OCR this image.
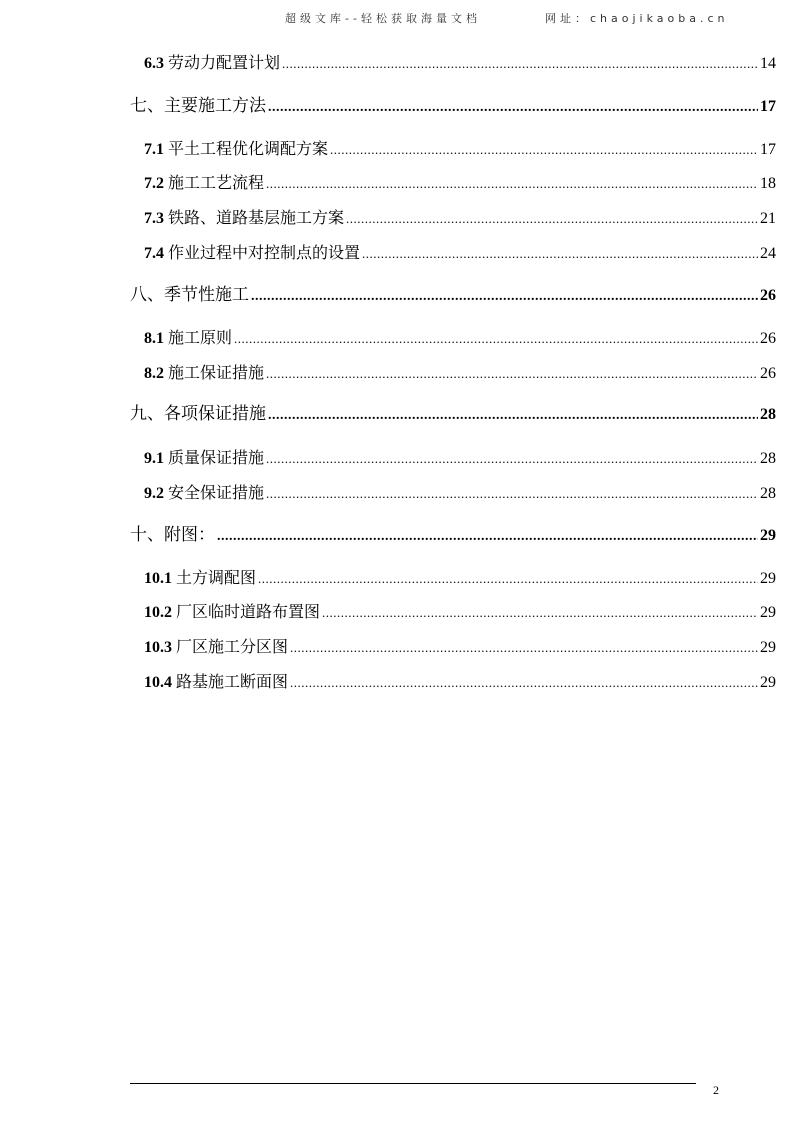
超级文库--轻松获取海量文档	网址：chaojikaoba.cn
6.3 劳动力配置计划 .....	14
七、主要施工方法 .....	17
7.1 平土工程优化调配方案 .....	17
7.2 施工工艺流程 .....	18
7.3 铁路、道路基层施工方案 .....	21
7.4 作业过程中对控制点的设置 .....	24
八、季节性施工 .....	26
8.1 施工原则 .....	26
8.2 施工保证措施 .....	26
九、各项保证措施 .....	28
9.1 质量保证措施 .....	28
9.2 安全保证措施 .....	28
十、附图： .....	29
10.1 土方调配图 .....	29
10.2 厂区临时道路布置图 .....	29
10.3 厂区施工分区图 .....	29
10.4 路基施工断面图 .....	29
2
